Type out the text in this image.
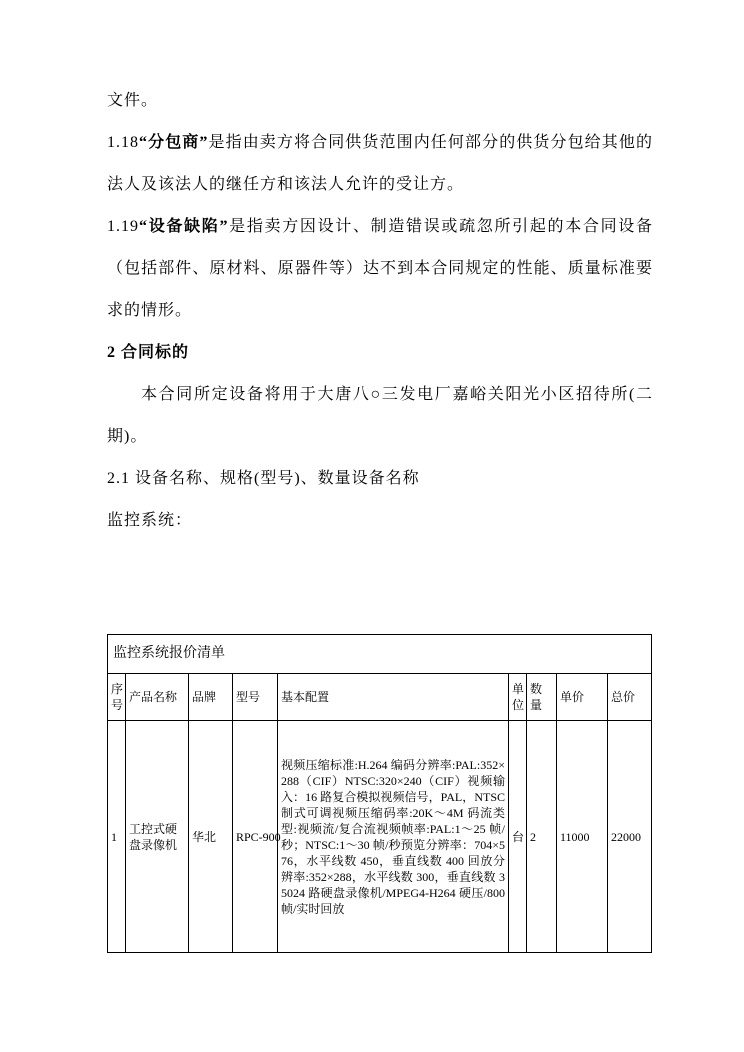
文件。

1.18“分包商”是指由卖方将合同供货范围内任何部分的供货分包给其他的法人及该法人的继任方和该法人允许的受让方。

1.19“设备缺陷”是指卖方因设计、制造错误或疏忽所引起的本合同设备（包括部件、原材料、原器件等）达不到本合同规定的性能、质量标准要求的情形。

2 合同标的

本合同所定设备将用于大唐八○三发电厂嘉峪关阳光小区招待所(二期)。

2.1 设备名称、规格(型号)、数量设备名称

监控系统：

监控系统报价清单								
序号	产品名称	品牌	型号	基本配置	单位	数量	单价	总价
1	工控式硬盘录像机	华北	RPC-900	视频压缩标准:H.264 编码分辨率:PAL:352×288（CIF）NTSC:320×240（CIF）视频输入：16 路复合模拟视频信号，PAL，NTSC 制式可调视频压缩码率:20K～4M 码流类型:视频流/复合流视频帧率:PAL:1～25 帧/秒；NTSC:1～30 帧/秒预览分辨率：704×576，水平线数 450，垂直线数 400 回放分辨率:352×288，水平线数 300，垂直线数 35024 路硬盘录像机/MPEG4-H264 硬压/800 帧/实时回放	台	2	11000	22000
